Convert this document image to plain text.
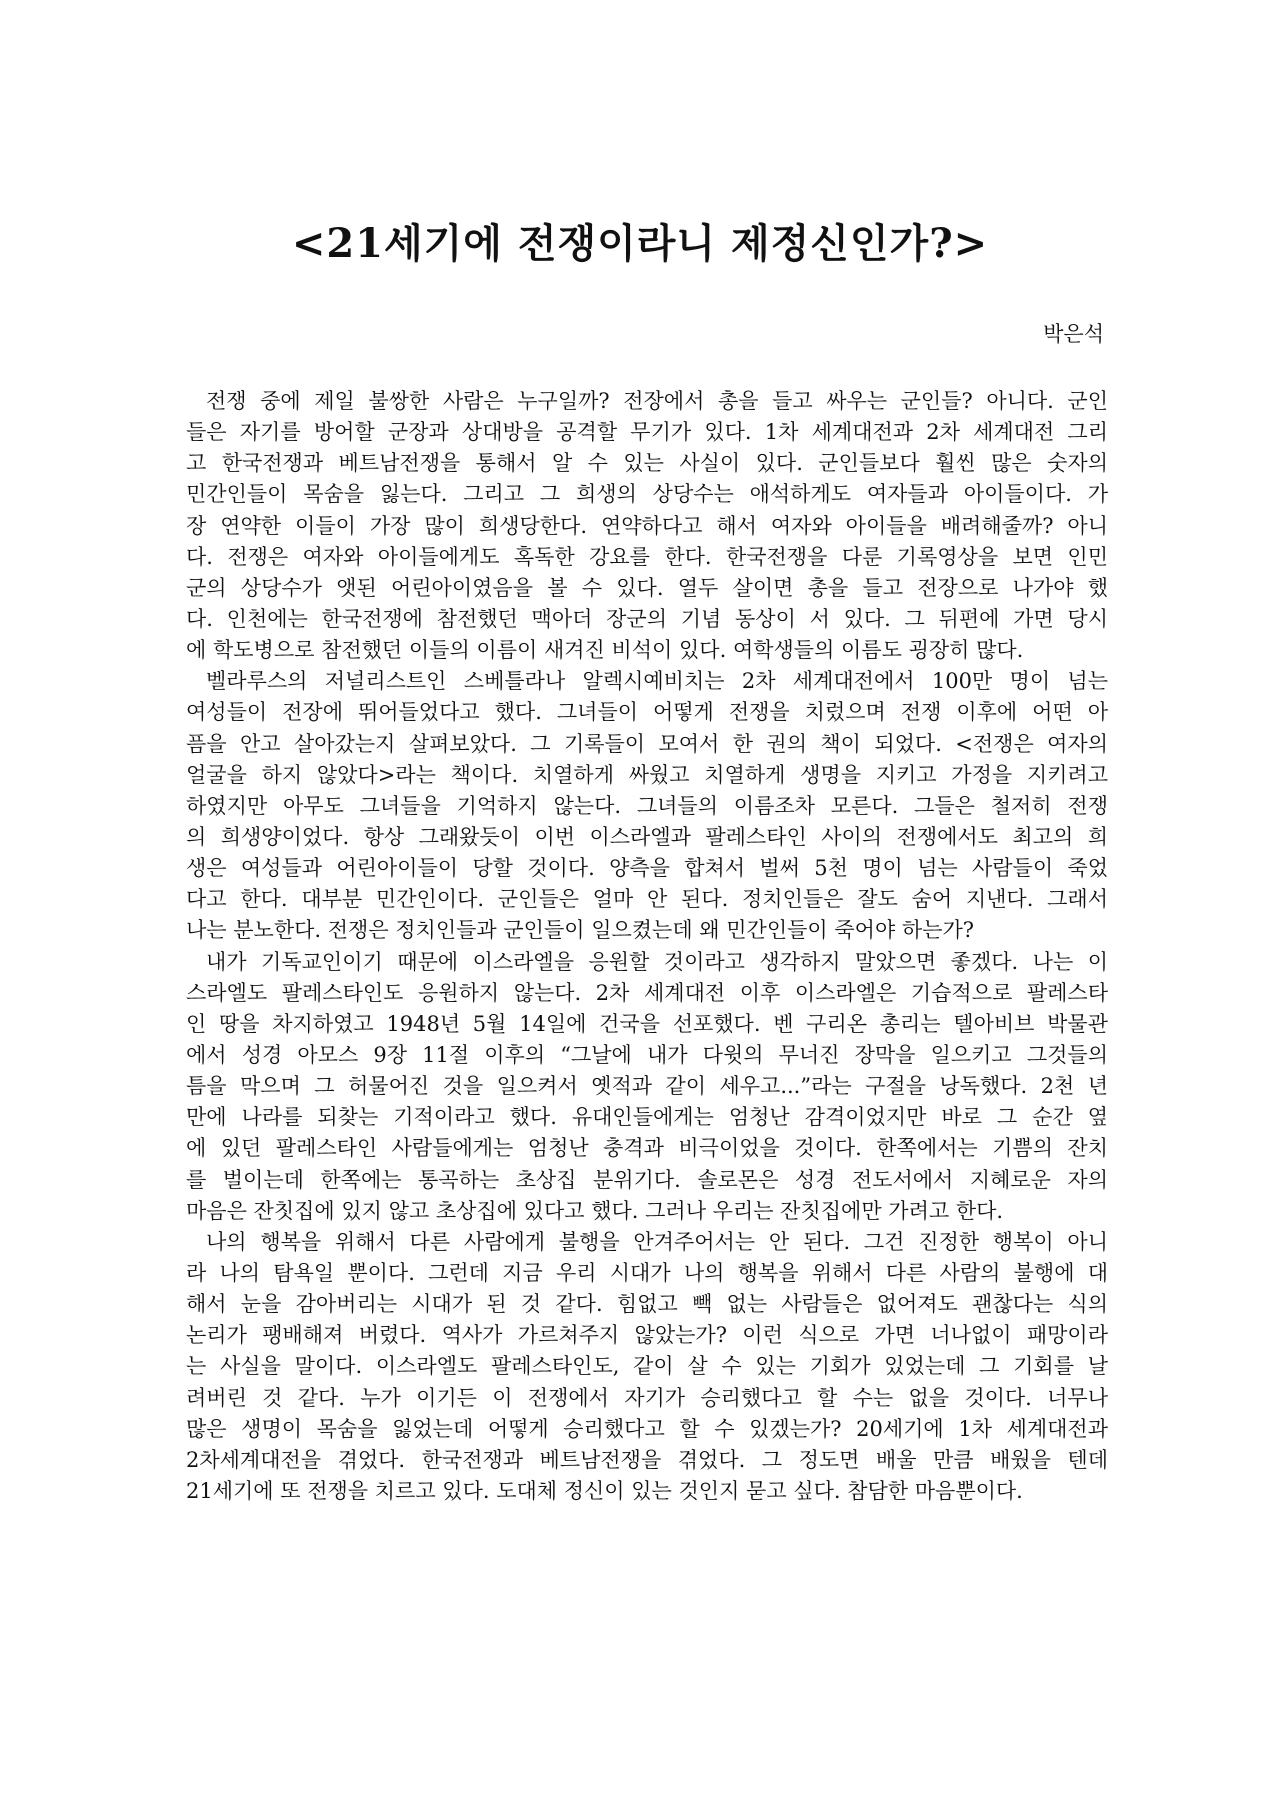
<21세기에 전쟁이라니 제정신인가?>
박은석
전쟁 중에 제일 불쌍한 사람은 누구일까? 전장에서 총을 들고 싸우는 군인들? 아니다. 군인
들은 자기를 방어할 군장과 상대방을 공격할 무기가 있다. 1차 세계대전과 2차 세계대전 그리
고 한국전쟁과 베트남전쟁을 통해서 알 수 있는 사실이 있다. 군인들보다 훨씬 많은 숫자의
민간인들이 목숨을 잃는다. 그리고 그 희생의 상당수는 애석하게도 여자들과 아이들이다. 가
장 연약한 이들이 가장 많이 희생당한다. 연약하다고 해서 여자와 아이들을 배려해줄까? 아니
다. 전쟁은 여자와 아이들에게도 혹독한 강요를 한다. 한국전쟁을 다룬 기록영상을 보면 인민
군의 상당수가 앳된 어린아이였음을 볼 수 있다. 열두 살이면 총을 들고 전장으로 나가야 했
다. 인천에는 한국전쟁에 참전했던 맥아더 장군의 기념 동상이 서 있다. 그 뒤편에 가면 당시
에 학도병으로 참전했던 이들의 이름이 새겨진 비석이 있다. 여학생들의 이름도 굉장히 많다.
벨라루스의 저널리스트인 스베틀라나 알렉시예비치는 2차 세계대전에서 100만 명이 넘는
여성들이 전장에 뛰어들었다고 했다. 그녀들이 어떻게 전쟁을 치렀으며 전쟁 이후에 어떤 아
픔을 안고 살아갔는지 살펴보았다. 그 기록들이 모여서 한 권의 책이 되었다. <전쟁은 여자의
얼굴을 하지 않았다>라는 책이다. 치열하게 싸웠고 치열하게 생명을 지키고 가정을 지키려고
하였지만 아무도 그녀들을 기억하지 않는다. 그녀들의 이름조차 모른다. 그들은 철저히 전쟁
의 희생양이었다. 항상 그래왔듯이 이번 이스라엘과 팔레스타인 사이의 전쟁에서도 최고의 희
생은 여성들과 어린아이들이 당할 것이다. 양측을 합쳐서 벌써 5천 명이 넘는 사람들이 죽었
다고 한다. 대부분 민간인이다. 군인들은 얼마 안 된다. 정치인들은 잘도 숨어 지낸다. 그래서
나는 분노한다. 전쟁은 정치인들과 군인들이 일으켰는데 왜 민간인들이 죽어야 하는가?
내가 기독교인이기 때문에 이스라엘을 응원할 것이라고 생각하지 말았으면 좋겠다. 나는 이
스라엘도 팔레스타인도 응원하지 않는다. 2차 세계대전 이후 이스라엘은 기습적으로 팔레스타
인 땅을 차지하였고 1948년 5월 14일에 건국을 선포했다. 벤 구리온 총리는 텔아비브 박물관
에서 성경 아모스 9장 11절 이후의 “그날에 내가 다윗의 무너진 장막을 일으키고 그것들의
틈을 막으며 그 허물어진 것을 일으켜서 옛적과 같이 세우고...”라는 구절을 낭독했다. 2천 년
만에 나라를 되찾는 기적이라고 했다. 유대인들에게는 엄청난 감격이었지만 바로 그 순간 옆
에 있던 팔레스타인 사람들에게는 엄청난 충격과 비극이었을 것이다. 한쪽에서는 기쁨의 잔치
를 벌이는데 한쪽에는 통곡하는 초상집 분위기다. 솔로몬은 성경 전도서에서 지혜로운 자의
마음은 잔칫집에 있지 않고 초상집에 있다고 했다. 그러나 우리는 잔칫집에만 가려고 한다.
나의 행복을 위해서 다른 사람에게 불행을 안겨주어서는 안 된다. 그건 진정한 행복이 아니
라 나의 탐욕일 뿐이다. 그런데 지금 우리 시대가 나의 행복을 위해서 다른 사람의 불행에 대
해서 눈을 감아버리는 시대가 된 것 같다. 힘없고 빽 없는 사람들은 없어져도 괜찮다는 식의
논리가 팽배해져 버렸다. 역사가 가르쳐주지 않았는가? 이런 식으로 가면 너나없이 패망이라
는 사실을 말이다. 이스라엘도 팔레스타인도, 같이 살 수 있는 기회가 있었는데 그 기회를 날
려버린 것 같다. 누가 이기든 이 전쟁에서 자기가 승리했다고 할 수는 없을 것이다. 너무나
많은 생명이 목숨을 잃었는데 어떻게 승리했다고 할 수 있겠는가? 20세기에 1차 세계대전과
2차세계대전을 겪었다. 한국전쟁과 베트남전쟁을 겪었다. 그 정도면 배울 만큼 배웠을 텐데
21세기에 또 전쟁을 치르고 있다. 도대체 정신이 있는 것인지 묻고 싶다. 참담한 마음뿐이다.
